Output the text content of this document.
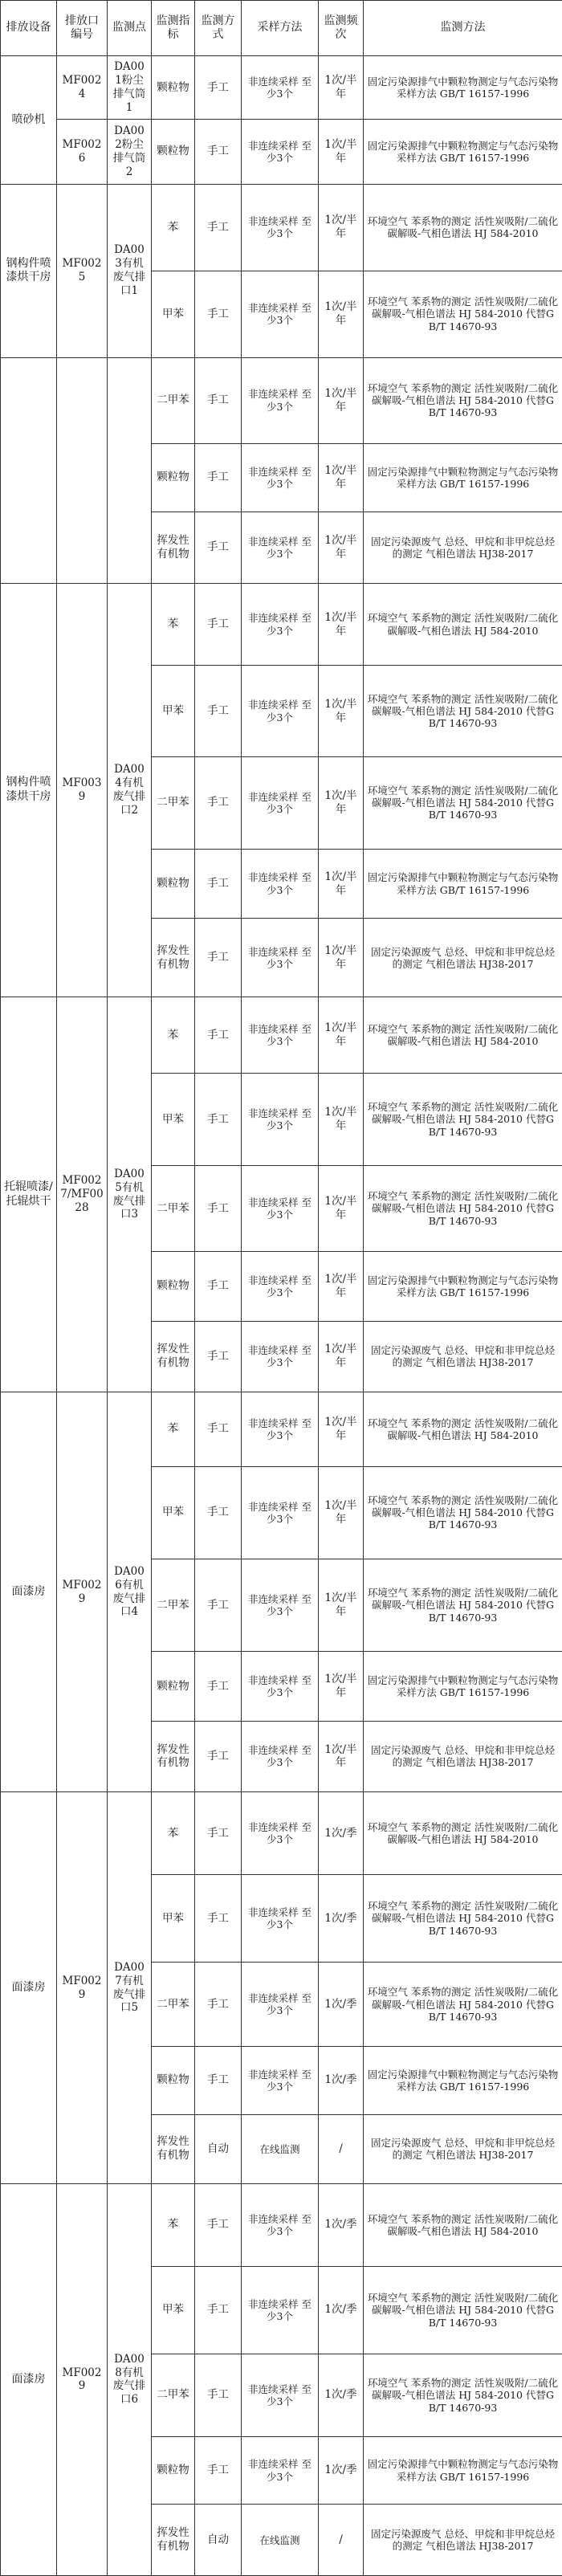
排放设备	排放口编号	监测点	监测指标	监测方式	采样方法	监测频次	监测方法
喷砂机	MF0024	DA001粉尘排气筒1	颗粒物	手工	非连续采样 至少3个	1次/半年	固定污染源排气中颗粒物测定与气态污染物采样方法 GB/T 16157-1996
	MF0026	DA002粉尘排气筒2	颗粒物	手工	非连续采样 至少3个	1次/半年	固定污染源排气中颗粒物测定与气态污染物采样方法 GB/T 16157-1996
钢构件喷漆烘干房	MF0025	DA003有机废气排口1	苯	手工	非连续采样 至少3个	1次/半年	环境空气 苯系物的测定 活性炭吸附/二硫化碳解吸-气相色谱法 HJ 584-2010
			甲苯	手工	非连续采样 至少3个	1次/半年	环境空气 苯系物的测定 活性炭吸附/二硫化碳解吸-气相色谱法 HJ 584-2010 代替GB/T 14670-93
			二甲苯	手工	非连续采样 至少3个	1次/半年	环境空气 苯系物的测定 活性炭吸附/二硫化碳解吸-气相色谱法 HJ 584-2010 代替GB/T 14670-93
			颗粒物	手工	非连续采样 至少3个	1次/半年	固定污染源排气中颗粒物测定与气态污染物采样方法 GB/T 16157-1996
			挥发性有机物	手工	非连续采样 至少3个	1次/半年	固定污染源废气 总烃、甲烷和非甲烷总烃的测定 气相色谱法 HJ38-2017
钢构件喷漆烘干房	MF0039	DA004有机废气排口2	苯	手工	非连续采样 至少3个	1次/半年	环境空气 苯系物的测定 活性炭吸附/二硫化碳解吸-气相色谱法 HJ 584-2010
			甲苯	手工	非连续采样 至少3个	1次/半年	环境空气 苯系物的测定 活性炭吸附/二硫化碳解吸-气相色谱法 HJ 584-2010 代替GB/T 14670-93
			二甲苯	手工	非连续采样 至少3个	1次/半年	环境空气 苯系物的测定 活性炭吸附/二硫化碳解吸-气相色谱法 HJ 584-2010 代替GB/T 14670-93
			颗粒物	手工	非连续采样 至少3个	1次/半年	固定污染源排气中颗粒物测定与气态污染物采样方法 GB/T 16157-1996
			挥发性有机物	手工	非连续采样 至少3个	1次/半年	固定污染源废气 总烃、甲烷和非甲烷总烃的测定 气相色谱法 HJ38-2017
托辊喷漆/托辊烘干	MF0027/MF0028	DA005有机废气排口3	苯	手工	非连续采样 至少3个	1次/半年	环境空气 苯系物的测定 活性炭吸附/二硫化碳解吸-气相色谱法 HJ 584-2010
			甲苯	手工	非连续采样 至少3个	1次/半年	环境空气 苯系物的测定 活性炭吸附/二硫化碳解吸-气相色谱法 HJ 584-2010 代替GB/T 14670-93
			二甲苯	手工	非连续采样 至少3个	1次/半年	环境空气 苯系物的测定 活性炭吸附/二硫化碳解吸-气相色谱法 HJ 584-2010 代替GB/T 14670-93
			颗粒物	手工	非连续采样 至少3个	1次/半年	固定污染源排气中颗粒物测定与气态污染物采样方法 GB/T 16157-1996
			挥发性有机物	手工	非连续采样 至少3个	1次/半年	固定污染源废气 总烃、甲烷和非甲烷总烃的测定 气相色谱法 HJ38-2017
面漆房	MF0029	DA006有机废气排口4	苯	手工	非连续采样 至少3个	1次/半年	环境空气 苯系物的测定 活性炭吸附/二硫化碳解吸-气相色谱法 HJ 584-2010
			甲苯	手工	非连续采样 至少3个	1次/半年	环境空气 苯系物的测定 活性炭吸附/二硫化碳解吸-气相色谱法 HJ 584-2010 代替GB/T 14670-93
			二甲苯	手工	非连续采样 至少3个	1次/半年	环境空气 苯系物的测定 活性炭吸附/二硫化碳解吸-气相色谱法 HJ 584-2010 代替GB/T 14670-93
			颗粒物	手工	非连续采样 至少3个	1次/半年	固定污染源排气中颗粒物测定与气态污染物采样方法 GB/T 16157-1996
			挥发性有机物	手工	非连续采样 至少3个	1次/半年	固定污染源废气 总烃、甲烷和非甲烷总烃的测定 气相色谱法 HJ38-2017
面漆房	MF0029	DA007有机废气排口5	苯	手工	非连续采样 至少3个	1次/季	环境空气 苯系物的测定 活性炭吸附/二硫化碳解吸-气相色谱法 HJ 584-2010
			甲苯	手工	非连续采样 至少3个	1次/季	环境空气 苯系物的测定 活性炭吸附/二硫化碳解吸-气相色谱法 HJ 584-2010 代替GB/T 14670-93
			二甲苯	手工	非连续采样 至少3个	1次/季	环境空气 苯系物的测定 活性炭吸附/二硫化碳解吸-气相色谱法 HJ 584-2010 代替GB/T 14670-93
			颗粒物	手工	非连续采样 至少3个	1次/季	固定污染源排气中颗粒物测定与气态污染物采样方法 GB/T 16157-1996
			挥发性有机物	自动	在线监测	/	固定污染源废气 总烃、甲烷和非甲烷总烃的测定 气相色谱法 HJ38-2017
面漆房	MF0029	DA008有机废气排口6	苯	手工	非连续采样 至少3个	1次/季	环境空气 苯系物的测定 活性炭吸附/二硫化碳解吸-气相色谱法 HJ 584-2010
			甲苯	手工	非连续采样 至少3个	1次/季	环境空气 苯系物的测定 活性炭吸附/二硫化碳解吸-气相色谱法 HJ 584-2010 代替GB/T 14670-93
			二甲苯	手工	非连续采样 至少3个	1次/季	环境空气 苯系物的测定 活性炭吸附/二硫化碳解吸-气相色谱法 HJ 584-2010 代替GB/T 14670-93
			颗粒物	手工	非连续采样 至少3个	1次/季	固定污染源排气中颗粒物测定与气态污染物采样方法 GB/T 16157-1996
			挥发性有机物	自动	在线监测	/	固定污染源废气 总烃、甲烷和非甲烷总烃的测定 气相色谱法 HJ38-2017
